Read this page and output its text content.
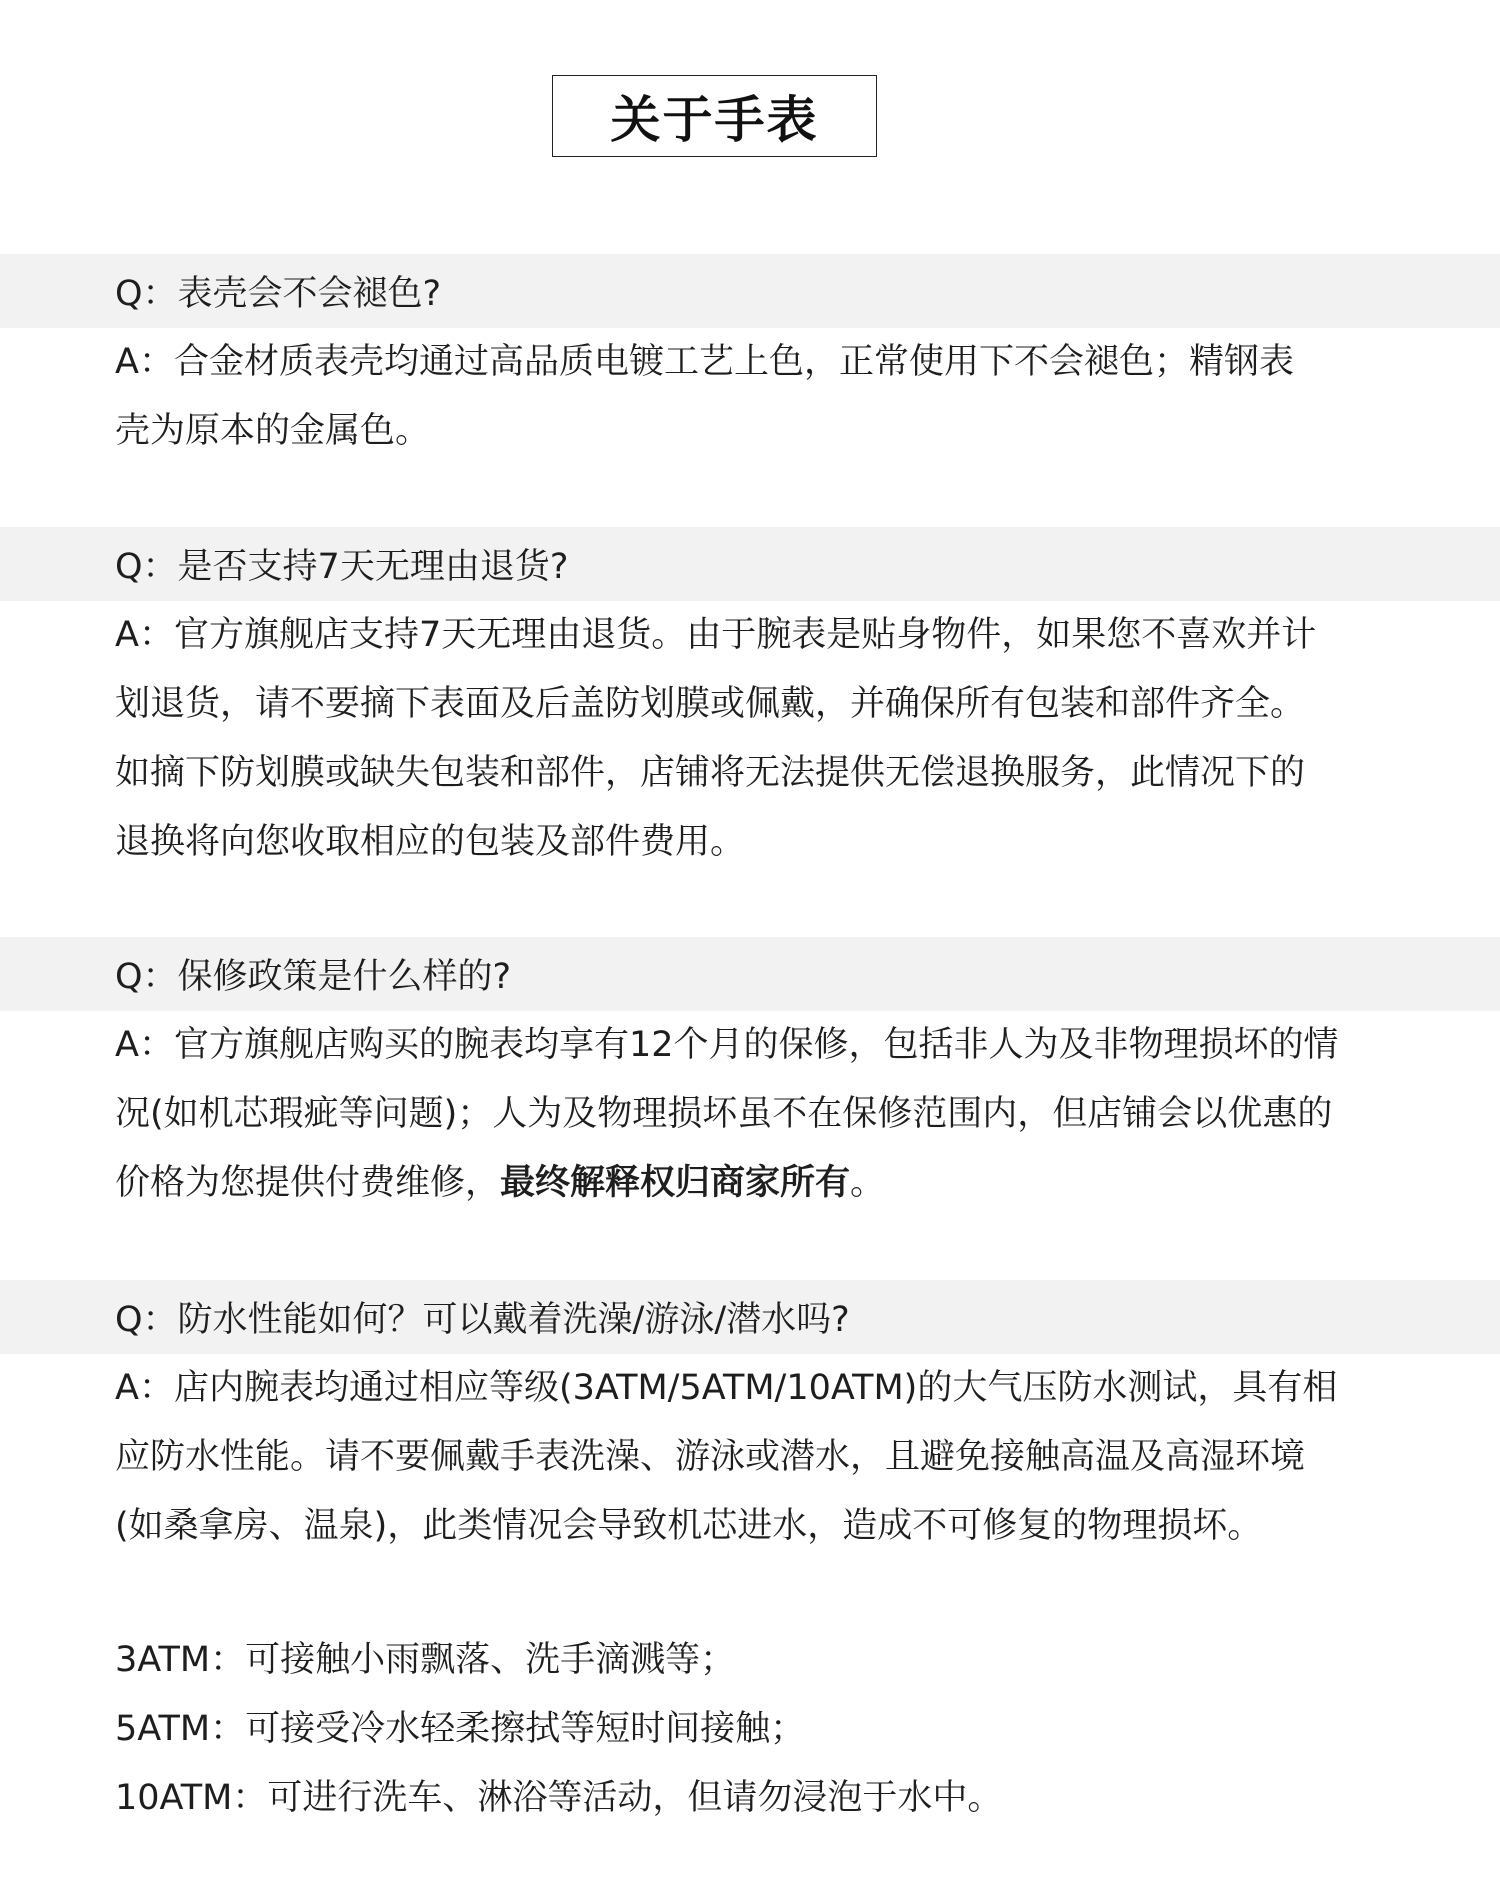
关于手表
Q：表壳会不会褪色?
A：合金材质表壳均通过高品质电镀工艺上色，正常使用下不会褪色；精钢表
壳为原本的金属色。
Q：是否支持7天无理由退货?
A：官方旗舰店支持7天无理由退货。由于腕表是贴身物件，如果您不喜欢并计
划退货，请不要摘下表面及后盖防划膜或佩戴，并确保所有包装和部件齐全。
如摘下防划膜或缺失包装和部件，店铺将无法提供无偿退换服务，此情况下的
退换将向您收取相应的包装及部件费用。
Q：保修政策是什么样的?
A：官方旗舰店购买的腕表均享有12个月的保修，包括非人为及非物理损坏的情
况(如机芯瑕疵等问题)；人为及物理损坏虽不在保修范围内，但店铺会以优惠的
价格为您提供付费维修，最终解释权归商家所有。
Q：防水性能如何？可以戴着洗澡/游泳/潜水吗?
A：店内腕表均通过相应等级(3ATM/5ATM/10ATM)的大气压防水测试，具有相
应防水性能。请不要佩戴手表洗澡、游泳或潜水，且避免接触高温及高湿环境
(如桑拿房、温泉)，此类情况会导致机芯进水，造成不可修复的物理损坏。
3ATM：可接触小雨飘落、洗手滴溅等；
5ATM：可接受冷水轻柔擦拭等短时间接触；
10ATM：可进行洗车、淋浴等活动，但请勿浸泡于水中。
